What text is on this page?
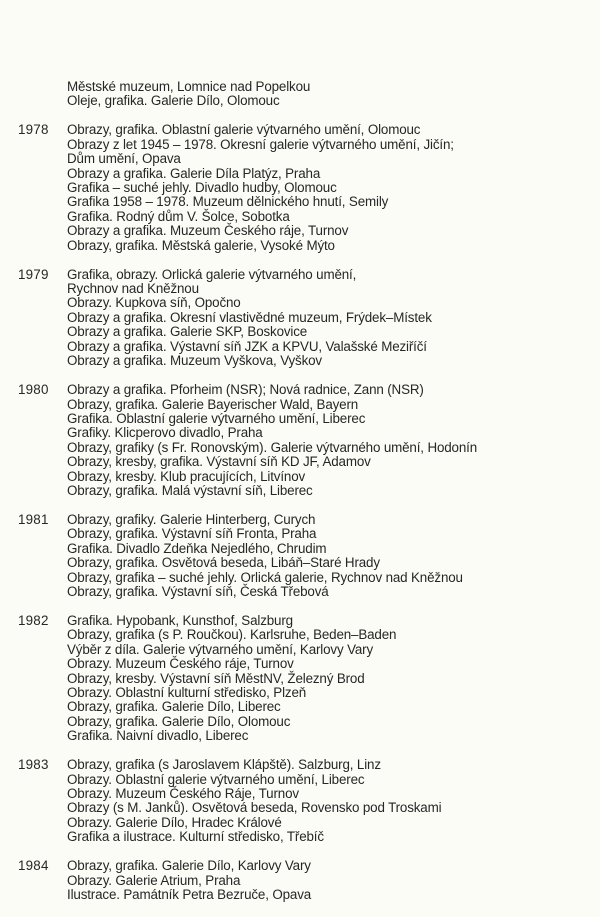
Městské muzeum, Lomnice nad Popelkou
Oleje, grafika. Galerie Dílo, Olomouc
1978	Obrazy, grafika. Oblastní galerie výtvarného umění, Olomouc
Obrazy z let 1945 – 1978. Okresní galerie výtvarného umění, Jičín;
Dům umění, Opava
Obrazy a grafika. Galerie Díla Platýz, Praha
Grafika – suché jehly. Divadlo hudby, Olomouc
Grafika 1958 – 1978. Muzeum dělnického hnutí, Semily
Grafika. Rodný dům V. Šolce, Sobotka
Obrazy a grafika. Muzeum Českého ráje, Turnov
Obrazy, grafika. Městská galerie, Vysoké Mýto
1979	Grafika, obrazy. Orlická galerie výtvarného umění,
Rychnov nad Kněžnou
Obrazy. Kupkova síň, Opočno
Obrazy a grafika. Okresní vlastivědné muzeum, Frýdek–Místek
Obrazy a grafika. Galerie SKP, Boskovice
Obrazy a grafika. Výstavní síň JZK a KPVU, Valašské Meziříčí
Obrazy a grafika. Muzeum Vyškova, Vyškov
1980	Obrazy a grafika. Pforheim (NSR); Nová radnice, Zann (NSR)
Obrazy, grafika. Galerie Bayerischer Wald, Bayern
Grafika. Oblastní galerie výtvarného umění, Liberec
Grafiky. Klicperovo divadlo, Praha
Obrazy, grafiky (s Fr. Ronovským). Galerie výtvarného umění, Hodonín
Obrazy, kresby, grafika. Výstavní síň KD JF, Adamov
Obrazy, kresby. Klub pracujících, Litvínov
Obrazy, grafika. Malá výstavní síň, Liberec
1981	Obrazy, grafiky. Galerie Hinterberg, Curych
Obrazy, grafika. Výstavní síň Fronta, Praha
Grafika. Divadlo Zdeňka Nejedlého, Chrudim
Obrazy, grafika. Osvětová beseda, Libáň–Staré Hrady
Obrazy, grafika – suché jehly. Orlická galerie, Rychnov nad Kněžnou
Obrazy, grafika. Výstavní síň, Česká Třebová
1982	Grafika. Hypobank, Kunsthof, Salzburg
Obrazy, grafika (s P. Roučkou). Karlsruhe, Beden–Baden
Výběr z díla. Galerie výtvarného umění, Karlovy Vary
Obrazy. Muzeum Českého ráje, Turnov
Obrazy, kresby. Výstavní síň MěstNV, Železný Brod
Obrazy. Oblastní kulturní středisko, Plzeň
Obrazy, grafika. Galerie Dílo, Liberec
Obrazy, grafika. Galerie Dílo, Olomouc
Grafika. Naivní divadlo, Liberec
1983	Obrazy, grafika (s Jaroslavem Klápště). Salzburg, Linz
Obrazy. Oblastní galerie výtvarného umění, Liberec
Obrazy. Muzeum Českého Ráje, Turnov
Obrazy (s M. Janků). Osvětová beseda, Rovensko pod Troskami
Obrazy. Galerie Dílo, Hradec Králové
Grafika a ilustrace. Kulturní středisko, Třebíč
1984	Obrazy, grafika. Galerie Dílo, Karlovy Vary
Obrazy. Galerie Atrium, Praha
Ilustrace. Památník Petra Bezruče, Opava
